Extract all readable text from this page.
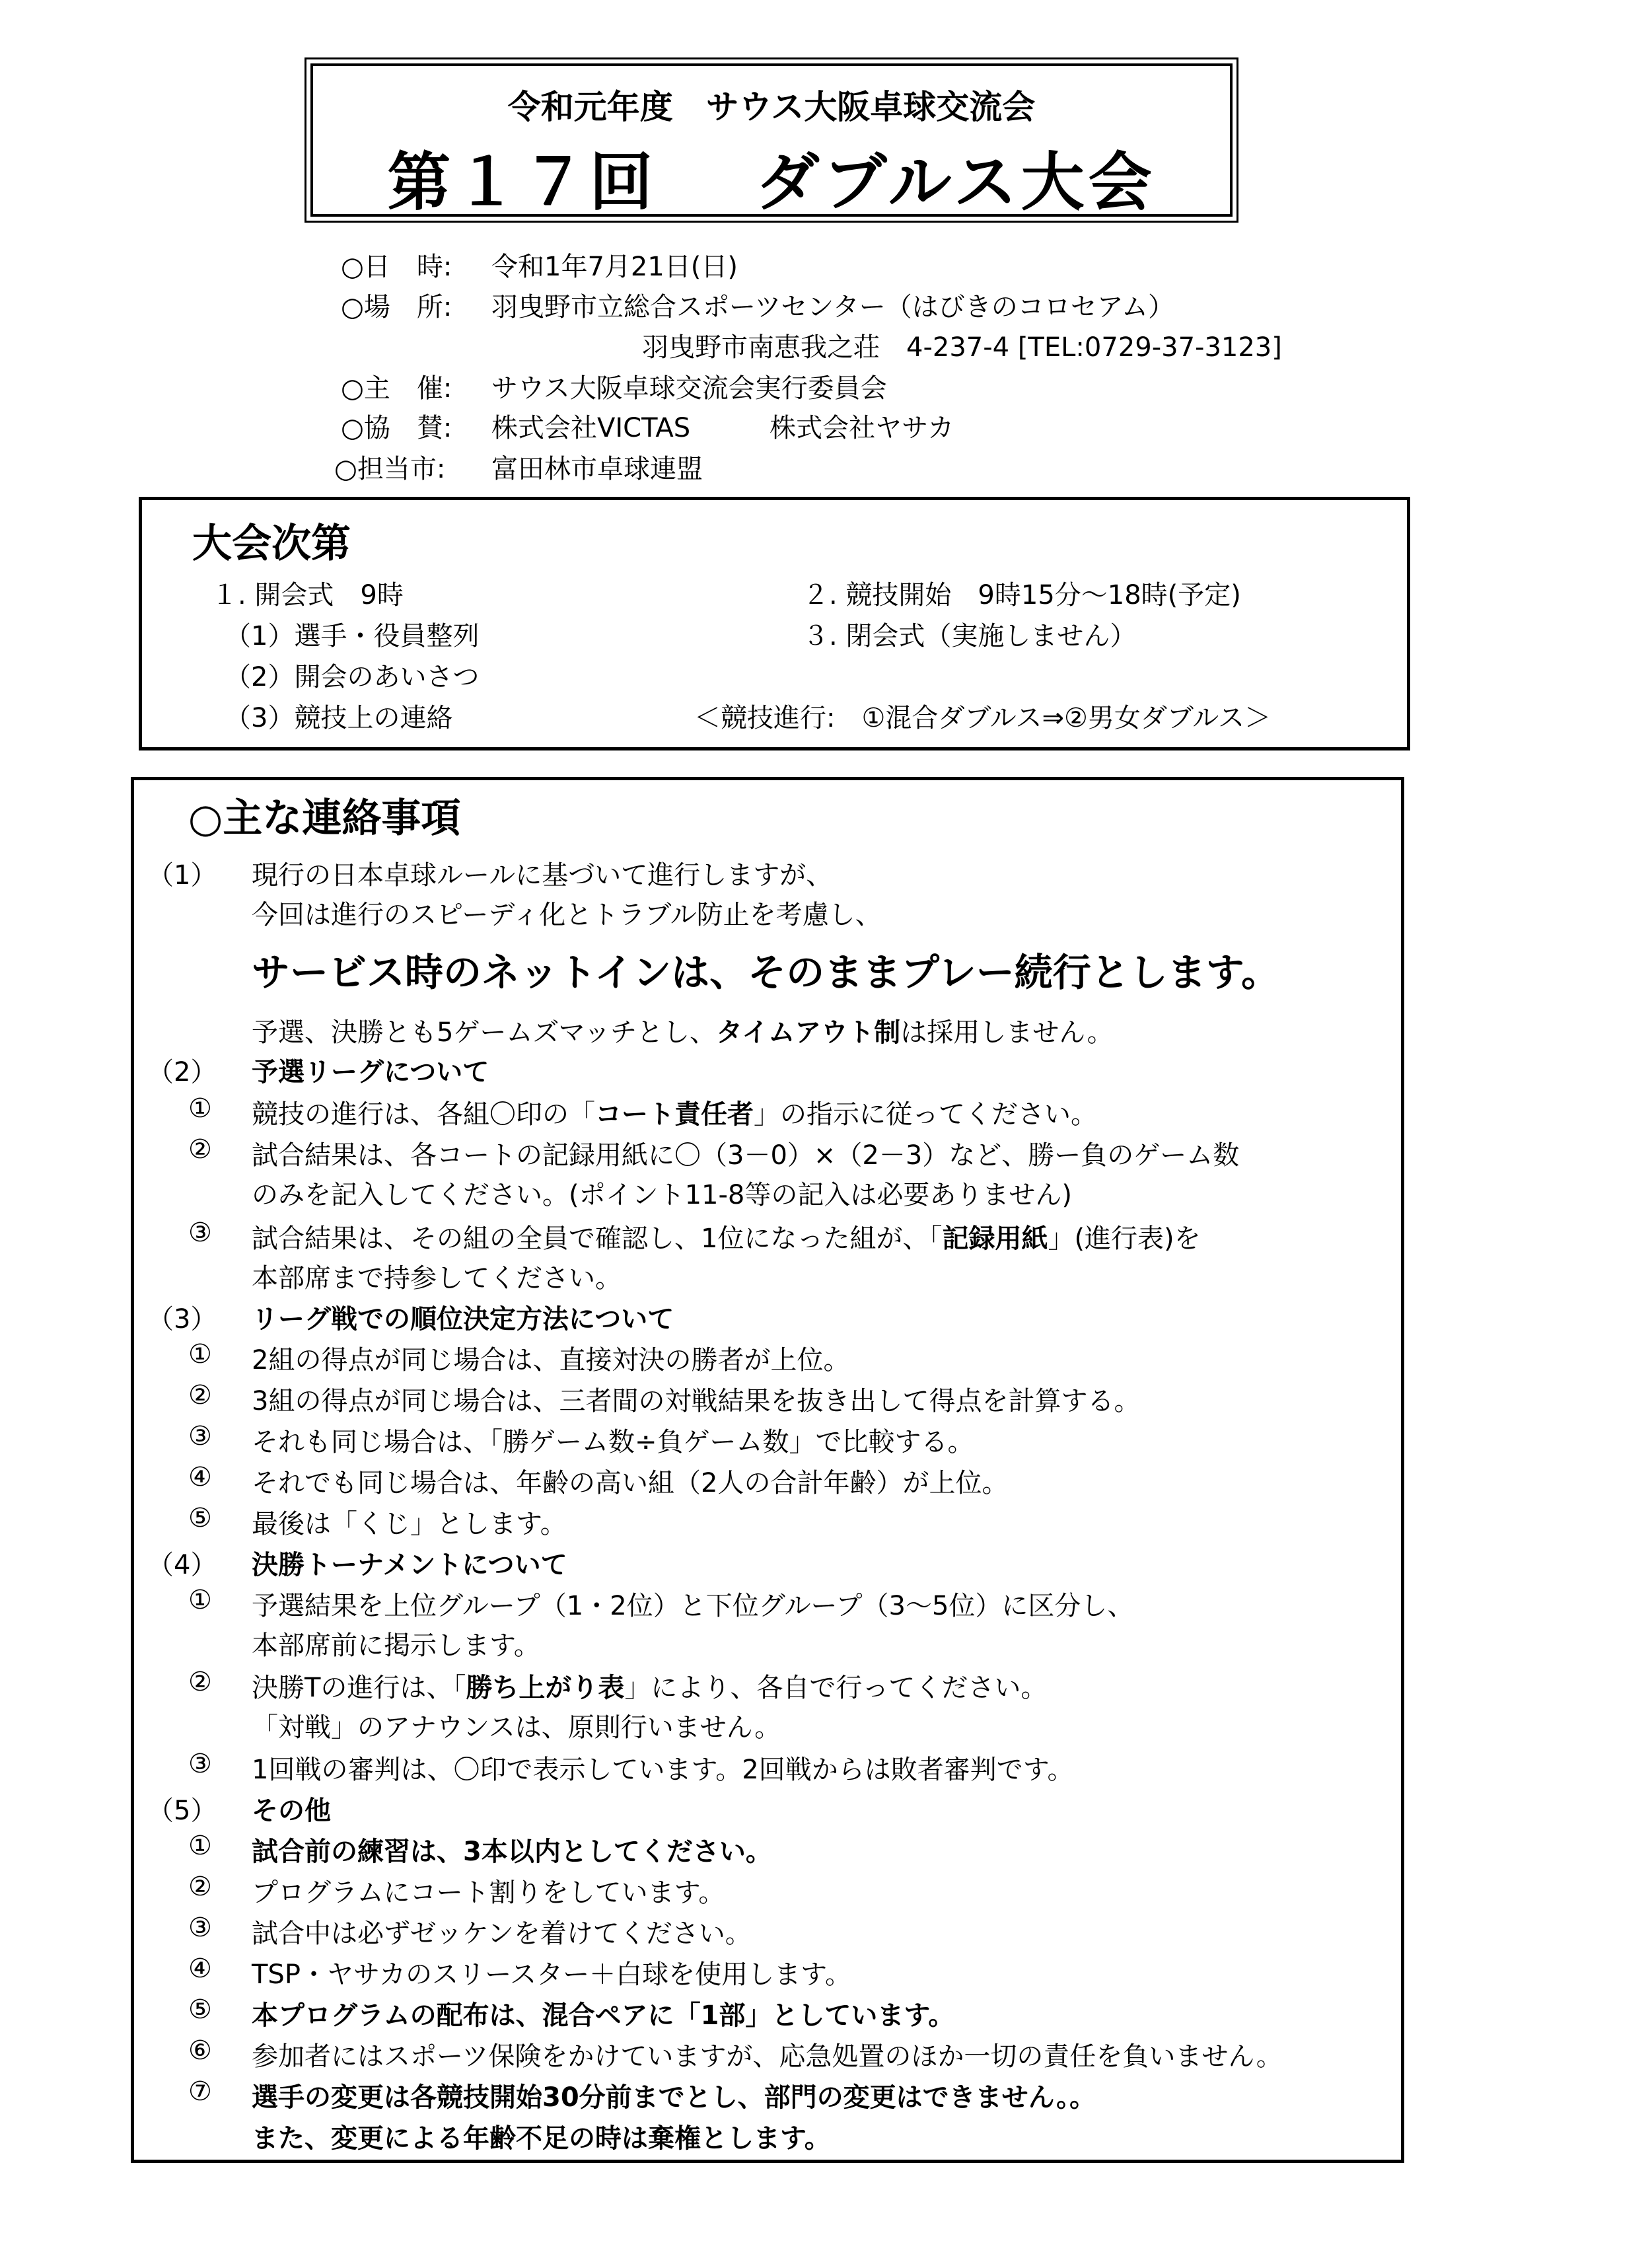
令和元年度　サウス大阪卓球交流会
第１７回 ダブルス大会
○日　時: 令和1年7月21日(日)
○場　所: 羽曳野市立総合スポーツセンター（はびきのコロセアム）
羽曳野市南恵我之荘　4-237-4 [TEL:0729-37-3123]
○主　催: サウス大阪卓球交流会実行委員会
○協　賛: 株式会社VICTAS　　　株式会社ヤサカ
○担当市: 富田林市卓球連盟
大会次第
１. 開会式　9時
（1）選手・役員整列
（2）開会のあいさつ
（3）競技上の連絡
２. 競技開始　9時15分～18時(予定)
３. 閉会式（実施しません）
＜競技進行:　①混合ダブルス⇒②男女ダブルス＞
○主な連絡事項
（1） 現行の日本卓球ルールに基づいて進行しますが、
今回は進行のスピーディ化とトラブル防止を考慮し、
サービス時のネットインは、そのままプレー続行とします。
予選、決勝とも5ゲームズマッチとし、タイムアウト制は採用しません。
（2） 予選リーグについて
① 競技の進行は、各組〇印の「コート責任者」の指示に従ってください。
② 試合結果は、各コートの記録用紙に〇（3－0）×（2－3）など、勝ー負のゲーム数
のみを記入してください。(ポイント11-8等の記入は必要ありません)
③ 試合結果は、その組の全員で確認し、1位になった組が、「記録用紙」(進行表)を
本部席まで持参してください。
（3） リーグ戦での順位決定方法について
① 2組の得点が同じ場合は、直接対決の勝者が上位。
② 3組の得点が同じ場合は、三者間の対戦結果を抜き出して得点を計算する。
③ それも同じ場合は、「勝ゲーム数÷負ゲーム数」で比較する。
④ それでも同じ場合は、年齢の高い組（2人の合計年齢）が上位。
⑤ 最後は「くじ」とします。
（4） 決勝トーナメントについて
① 予選結果を上位グループ（1・2位）と下位グループ（3～5位）に区分し、
本部席前に掲示します。
② 決勝Tの進行は、「勝ち上がり表」により、各自で行ってください。
「対戦」のアナウンスは、原則行いません。
③ 1回戦の審判は、〇印で表示しています。2回戦からは敗者審判です。
（5） その他
① 試合前の練習は、3本以内としてください。
② プログラムにコート割りをしています。
③ 試合中は必ずゼッケンを着けてください。
④ TSP・ヤサカのスリースター＋白球を使用します。
⑤ 本プログラムの配布は、混合ペアに「1部」としています。
⑥ 参加者にはスポーツ保険をかけていますが、応急処置のほか一切の責任を負いません。
⑦ 選手の変更は各競技開始30分前までとし、部門の変更はできません。。
また、変更による年齢不足の時は棄権とします。
